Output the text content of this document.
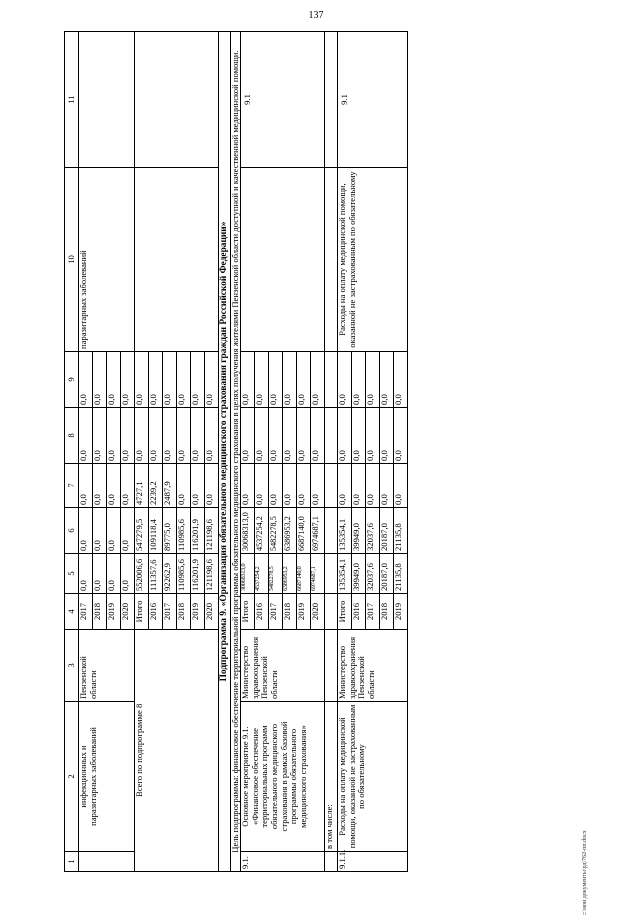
137
1	2	3	4	5	6	7	8	9	10	11

	инфекционных и паразитарных заболеваний	Пензенской области	2017	0,0	0,0	0,0	0,0	0,0	паразитарных заболеваний	
			2018	0,0	0,0	0,0	0,0	0,0		
			2019	0,0	0,0	0,0	0,0	0,0		
			2020	0,0	0,0	0,0	0,0	0,0		
Всего по подпрограмме 8			Итого	552006,6	547279,5	4727,1	0,0	0,0		
			2016	111357,6	109118,4	2239,2	0,0	0,0		
			2017	92262,9	89775,0	2487,9	0,0	0,0		
			2018	110985,6	110985,6	0,0	0,0	0,0		
			2019	116201,9	116201,9	0,0	0,0	0,0		
			2020	121198,6	121198,6	0,0	0,0	0,0		
Подпрограмма 9. «Организация обязательного медицинского страхования граждан Российской Федерации»										
Цель подпрограммы: финансовое обеспечение территориальной программы обязательного медицинского страхования в целях получения жителями Пензенской области доступной и качественной медицинской помощи.										
9.1.	Основное мероприятие 9.1. «Финансовое обеспечение территориальных программ обязательного медицинского страхования в рамках базовой программы обязательного медицинского страхования»	Министерство здравоохранения Пензенской области	Итого	30068313,0	30068313,0	0,0	0,0	0,0		9.1

			2016	4537254,2	4537254,2	0,0	0,0	0,0		
			2017	5482278,5	5482278,5	0,0	0,0	0,0		
			2018	6386953,2	6386953,2	0,0	0,0	0,0		
			2019	6687140,0	6687140,0	0,0	0,0	0,0		
			2020	6974687,1	6974687,1	0,0	0,0	0,0		
	в том числе:									
9.1.1.	Расходы на оплату медицинской помощи, оказанной не застрахованным по обязательному	Министерство здравоохранения Пензенской области	Итого	135354,1	135354,1	0,0	0,0	0,0	Расходы на оплату медицинской помощи, оказанной не застрахованным по обязательному	9.1

			2016	39949,0	39949,0	0,0	0,0	0,0		
			2017	32037,6	32037,6	0,0	0,0	0,0		
			2018	20187,0	20187,0	0,0	0,0	0,0		
			2019	21135,8	21135,8	0,0	0,0	0,0		
c:\мои документы\рд\762-пп.docx
